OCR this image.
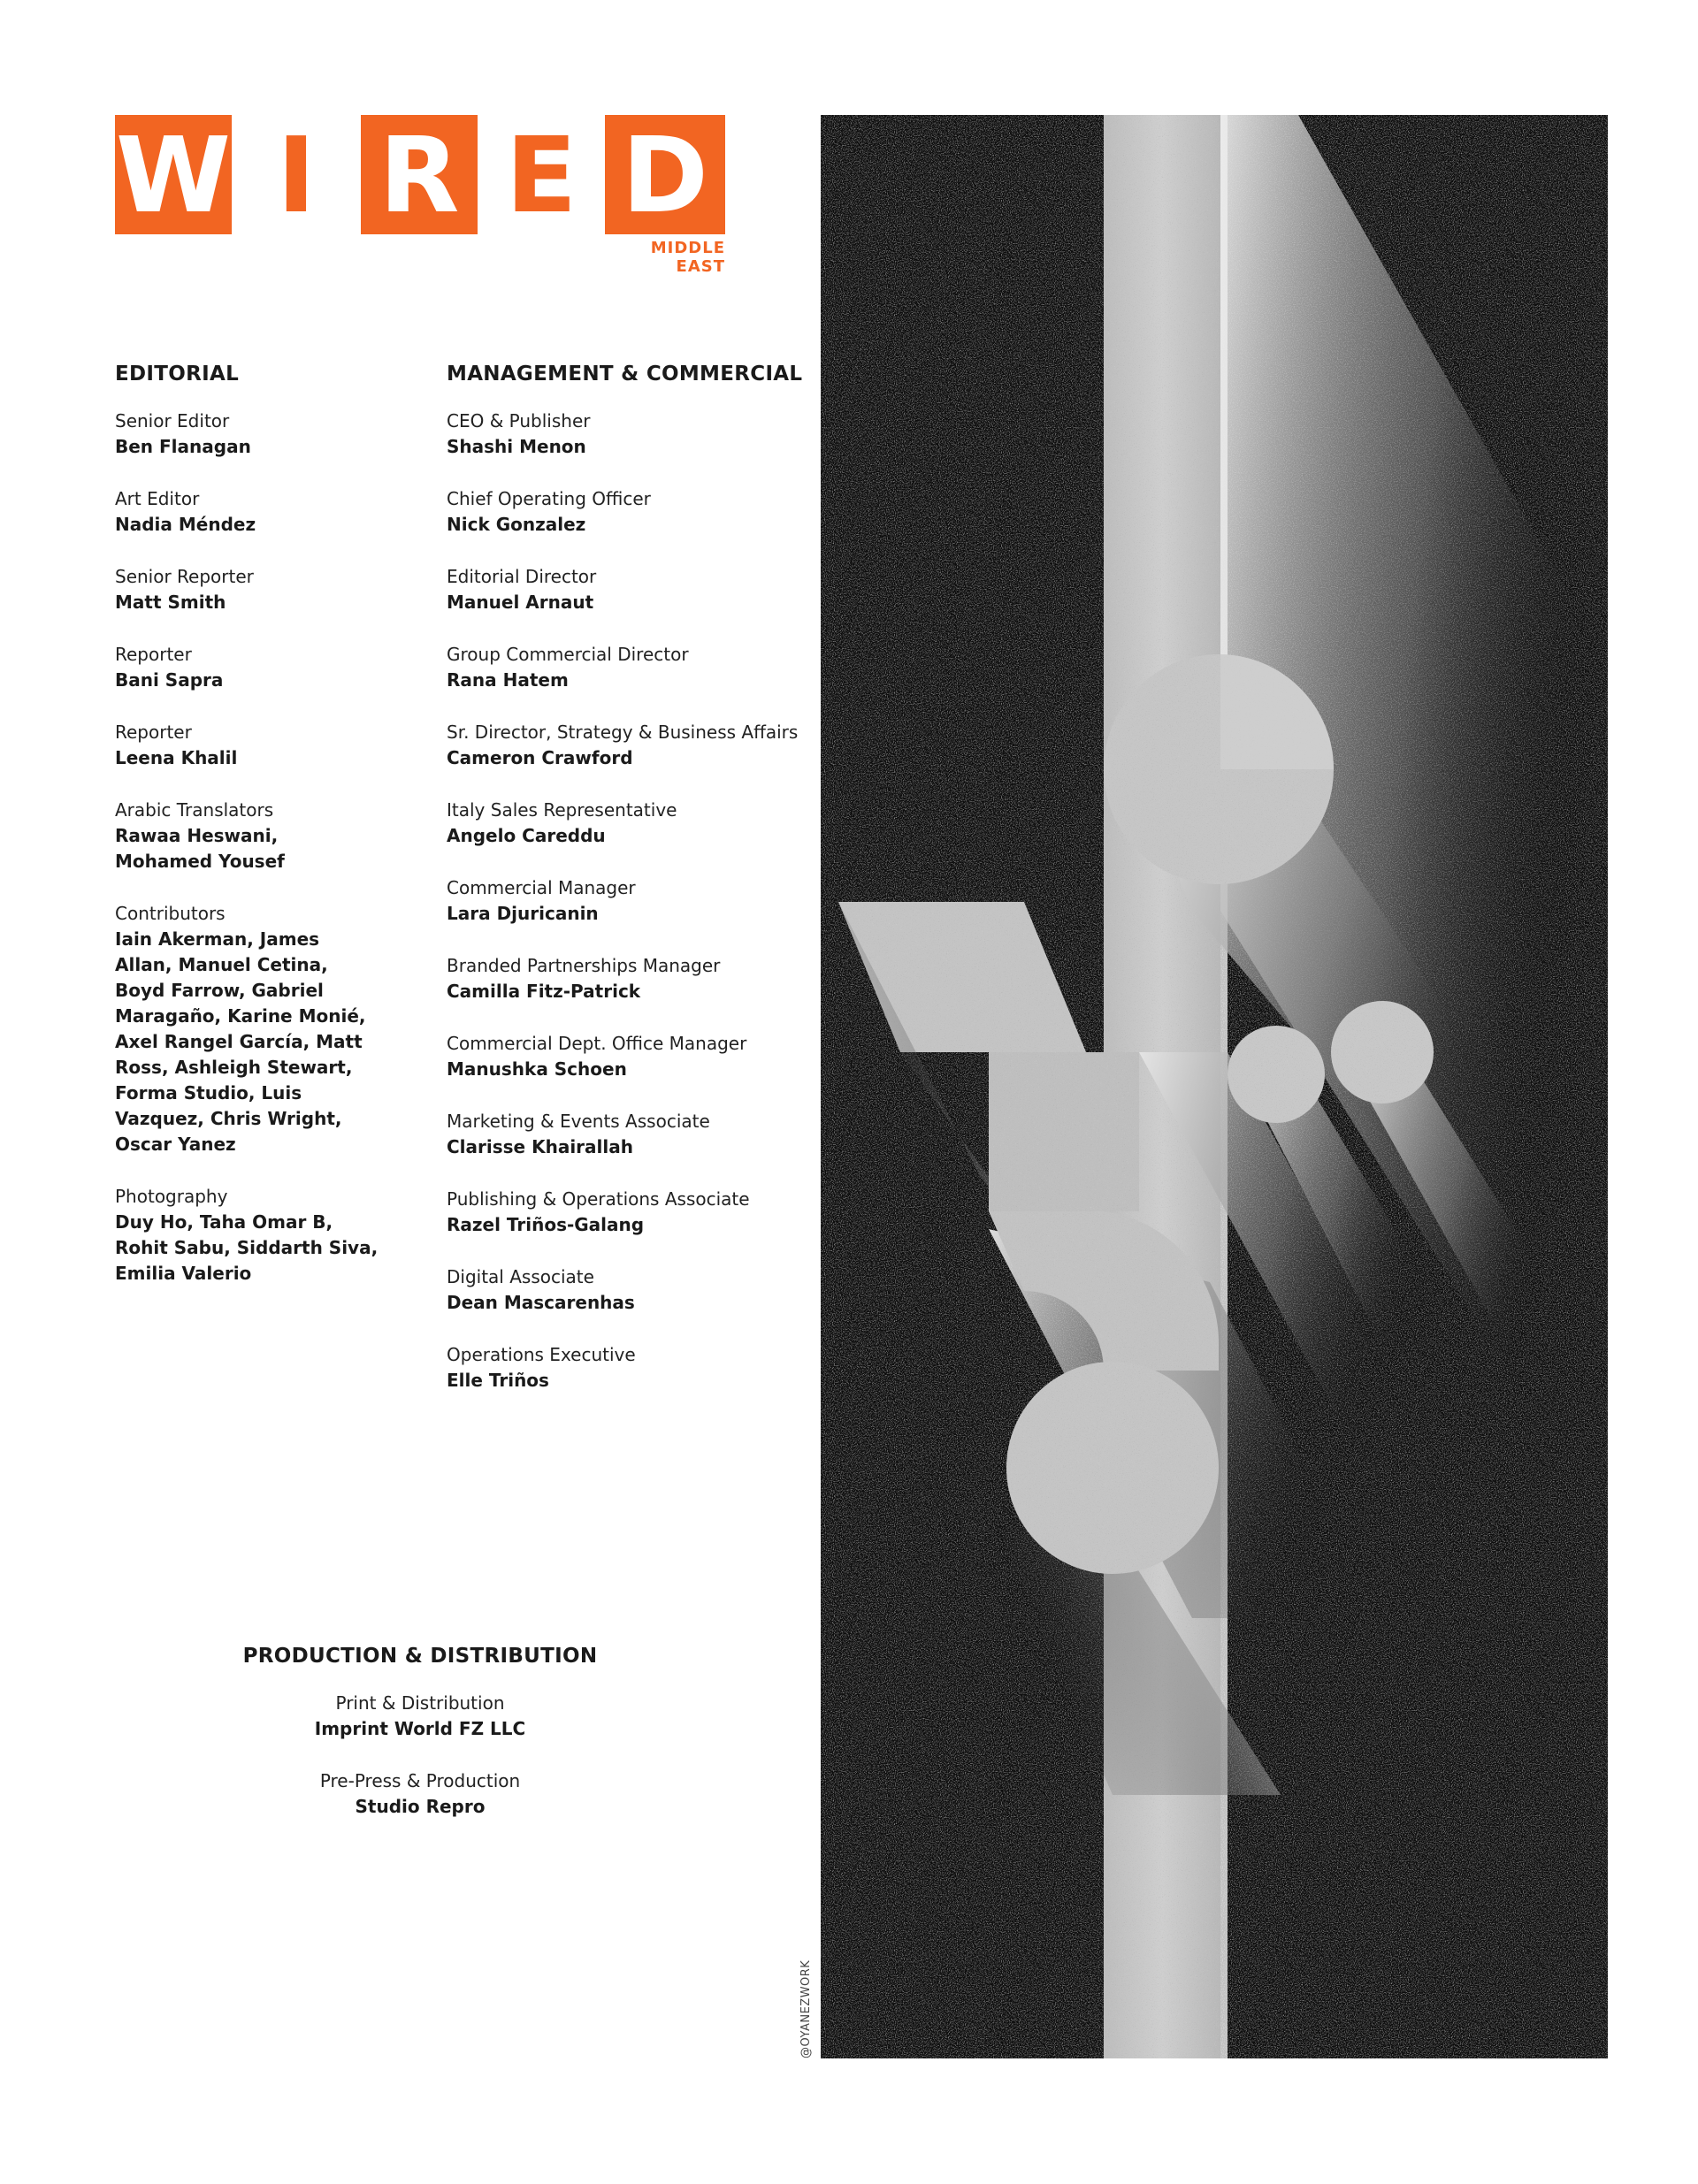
W I R E D
MIDDLE EAST
EDITORIAL
Senior Editor
Ben Flanagan
Art Editor
Nadia Méndez
Senior Reporter
Matt Smith
Reporter
Bani Sapra
Reporter
Leena Khalil
Arabic Translators
Rawaa Heswani, Mohamed Yousef
Contributors
Iain Akerman, James Allan, Manuel Cetina, Boyd Farrow, Gabriel Maragaño, Karine Monié, Axel Rangel García, Matt Ross, Ashleigh Stewart, Forma Studio, Luis Vazquez, Chris Wright, Oscar Yanez
Photography
Duy Ho, Taha Omar B, Rohit Sabu, Siddarth Siva, Emilia Valerio
MANAGEMENT & COMMERCIAL
CEO & Publisher
Shashi Menon
Chief Operating Officer
Nick Gonzalez
Editorial Director
Manuel Arnaut
Group Commercial Director
Rana Hatem
Sr. Director, Strategy & Business Affairs
Cameron Crawford
Italy Sales Representative
Angelo Careddu
Commercial Manager
Lara Djuricanin
Branded Partnerships Manager
Camilla Fitz-Patrick
Commercial Dept. Office Manager
Manushka Schoen
Marketing & Events Associate
Clarisse Khairallah
Publishing & Operations Associate
Razel Triños-Galang
Digital Associate
Dean Mascarenhas
Operations Executive
Elle Triños
PRODUCTION & DISTRIBUTION
Print & Distribution
Imprint World FZ LLC
Pre-Press & Production
Studio Repro
@OYANEZWORK
